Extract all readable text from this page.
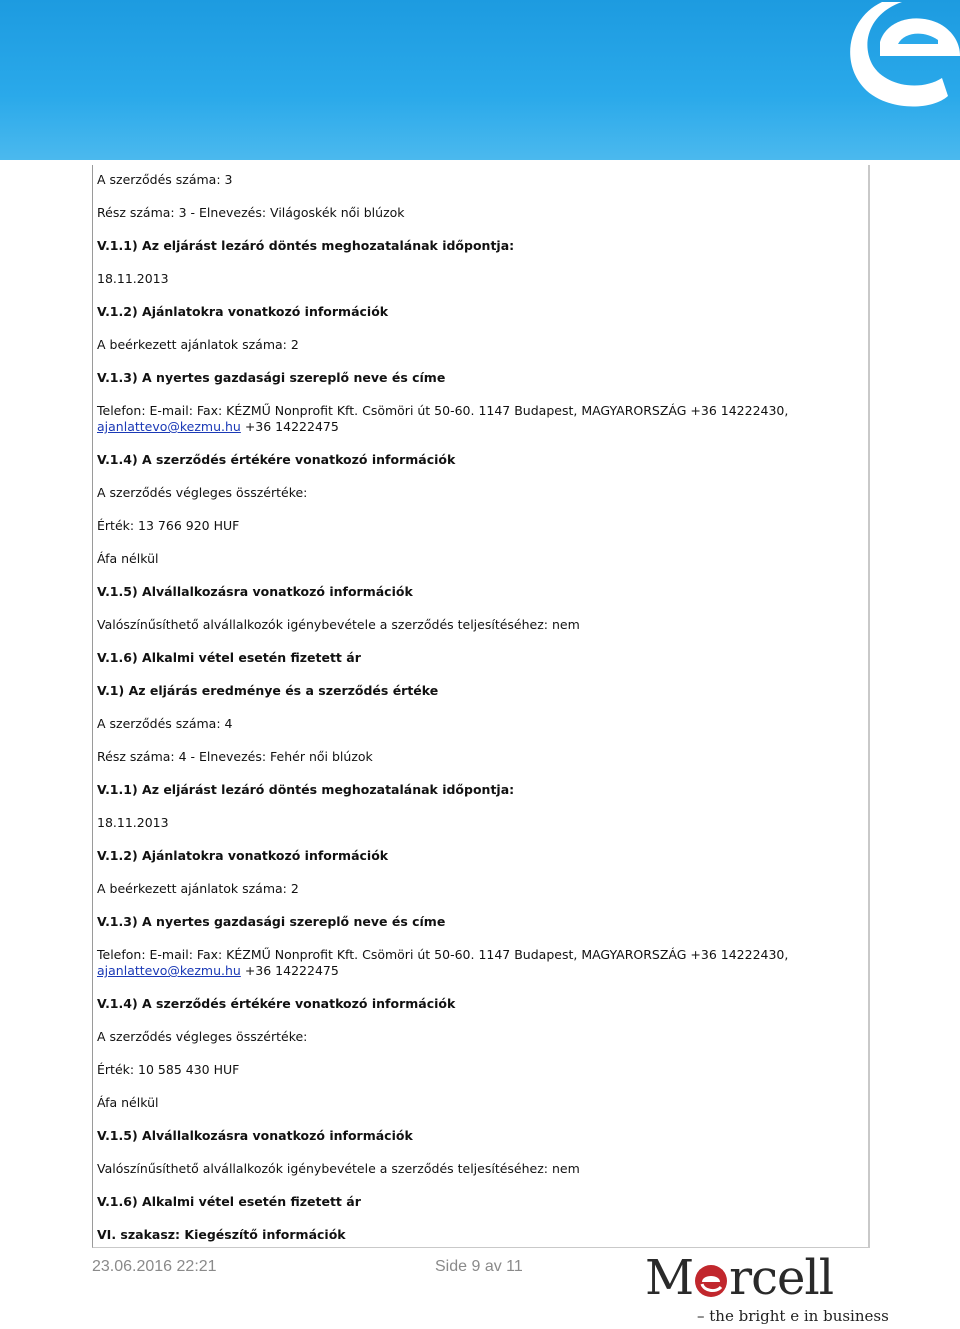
A szerződés száma: 3
Rész száma: 3 - Elnevezés: Világoskék női blúzok
V.1.1) Az eljárást lezáró döntés meghozatalának időpontja:
18.11.2013
V.1.2) Ajánlatokra vonatkozó információk
A beérkezett ajánlatok száma: 2
V.1.3) A nyertes gazdasági szereplő neve és címe
Telefon: E-mail: Fax: KÉZMŰ Nonprofit Kft. Csömöri út 50-60. 1147 Budapest, MAGYARORSZÁG +36 14222430,
ajanlattevo@kezmu.hu +36 14222475
V.1.4) A szerződés értékére vonatkozó információk
A szerződés végleges összértéke:
Érték: 13 766 920 HUF
Áfa nélkül
V.1.5) Alvállalkozásra vonatkozó információk
Valószínűsíthető alvállalkozók igénybevétele a szerződés teljesítéséhez: nem
V.1.6) Alkalmi vétel esetén fizetett ár
V.1) Az eljárás eredménye és a szerződés értéke
A szerződés száma: 4
Rész száma: 4 - Elnevezés: Fehér női blúzok
V.1.1) Az eljárást lezáró döntés meghozatalának időpontja:
18.11.2013
V.1.2) Ajánlatokra vonatkozó információk
A beérkezett ajánlatok száma: 2
V.1.3) A nyertes gazdasági szereplő neve és címe
Telefon: E-mail: Fax: KÉZMŰ Nonprofit Kft. Csömöri út 50-60. 1147 Budapest, MAGYARORSZÁG +36 14222430,
ajanlattevo@kezmu.hu +36 14222475
V.1.4) A szerződés értékére vonatkozó információk
A szerződés végleges összértéke:
Érték: 10 585 430 HUF
Áfa nélkül
V.1.5) Alvállalkozásra vonatkozó információk
Valószínűsíthető alvállalkozók igénybevétele a szerződés teljesítéséhez: nem
V.1.6) Alkalmi vétel esetén fizetett ár
VI. szakasz: Kiegészítő információk
23.06.2016 22:21	Side 9 av 11	M rcell
– the bright e in business
